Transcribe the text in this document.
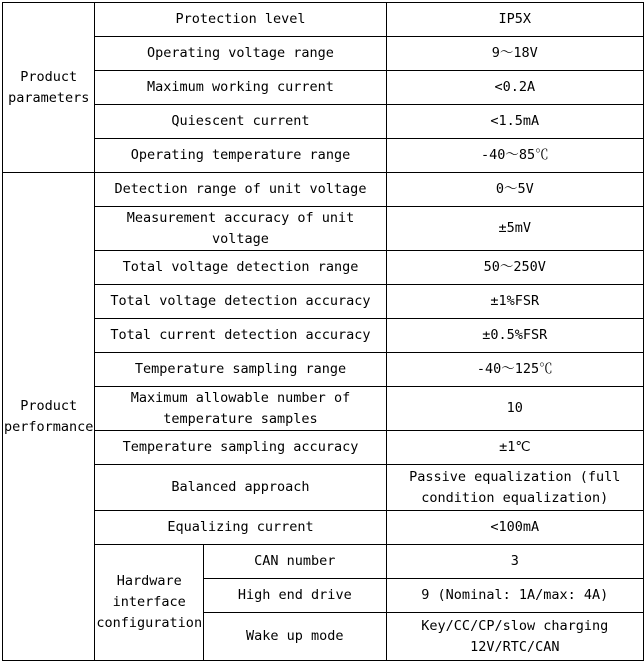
Product parameters	Protection level		IP5X
	Operating voltage range		9～18V
	Maximum working current		<0.2A
	Quiescent current		<1.5mA
	Operating temperature range		-40～85℃
Product performance	Detection range of unit voltage		0～5V
	Measurement accuracy of unit voltage		±5mV
	Total voltage detection range		50～250V
	Total voltage detection accuracy		±1%FSR
	Total current detection accuracy		±0.5%FSR
	Temperature sampling range		-40～125℃
	Maximum allowable number of temperature samples		10
	Temperature sampling accuracy		±1℃
	Balanced approach		Passive equalization (full condition equalization)
	Equalizing current		<100mA
	Hardware interface configuration	CAN number	3
		High end drive	9 (Nominal: 1A/max: 4A)
		Wake up mode	Key/CC/CP/slow charging 12V/RTC/CAN
